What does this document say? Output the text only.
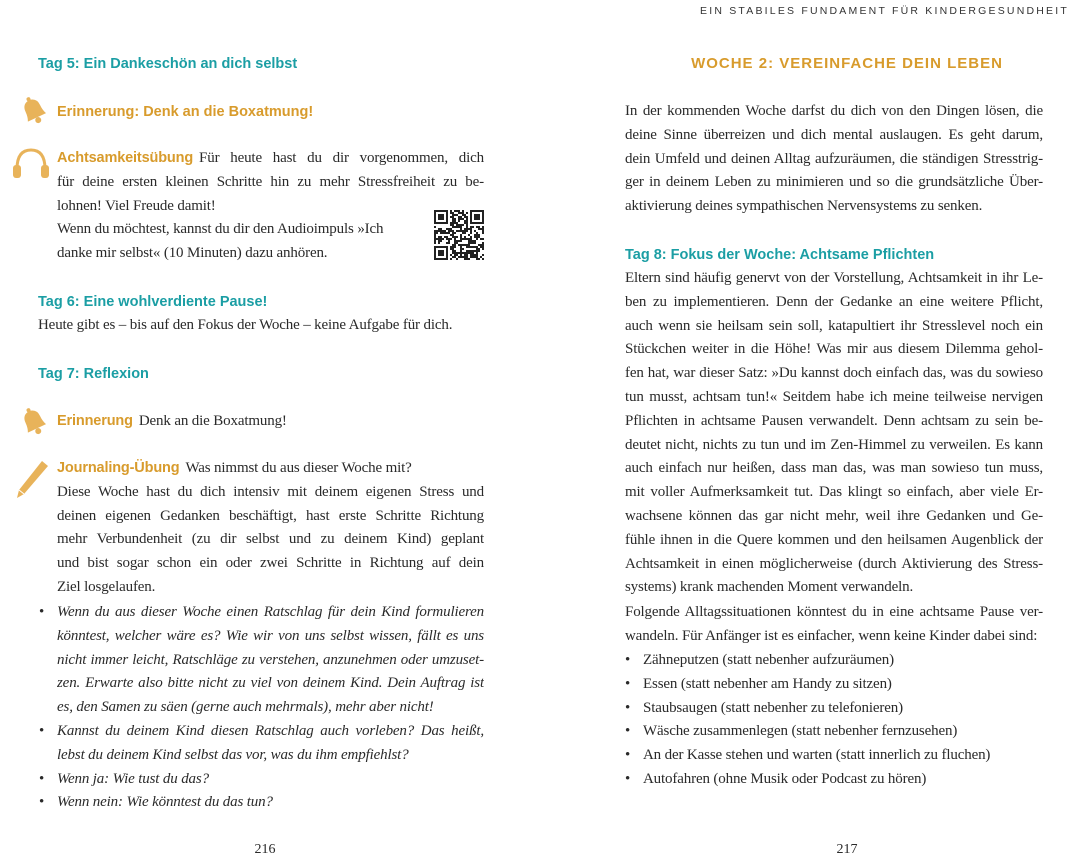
Tag 5: Ein Dankeschön an dich selbst
Erinnerung: Denk an die Boxatmung!
Achtsamkeitsübung Für heute hast du dir vorgenommen, dich
für deine ersten kleinen Schritte hin zu mehr Stressfreiheit zu be-
lohnen! Viel Freude damit!
Wenn du möchtest, kannst du dir den Audioimpuls »Ich
danke mir selbst« (10 Minuten) dazu anhören.
Tag 6: Eine wohlverdiente Pause!
Heute gibt es – bis auf den Fokus der Woche – keine Aufgabe für dich.
Tag 7: Reflexion
Erinnerung Denk an die Boxatmung!
Journaling-Übung Was nimmst du aus dieser Woche mit?
Diese Woche hast du dich intensiv mit deinem eigenen Stress und
deinen eigenen Gedanken beschäftigt, hast erste Schritte Richtung
mehr Verbundenheit (zu dir selbst und zu deinem Kind) geplant
und bist sogar schon ein oder zwei Schritte in Richtung auf dein
Ziel losgelaufen.
• Wenn du aus dieser Woche einen Ratschlag für dein Kind formulieren
könntest, welcher wäre es? Wie wir von uns selbst wissen, fällt es uns
nicht immer leicht, Ratschläge zu verstehen, anzunehmen oder umzuset-
zen. Erwarte also bitte nicht zu viel von deinem Kind. Dein Auftrag ist
es, den Samen zu säen (gerne auch mehrmals), mehr aber nicht!
• Kannst du deinem Kind diesen Ratschlag auch vorleben? Das heißt,
lebst du deinem Kind selbst das vor, was du ihm empfiehlst?
• Wenn ja: Wie tust du das?
• Wenn nein: Wie könntest du das tun?
216
EIN STABILES FUNDAMENT FÜR KINDERGESUNDHEIT
WOCHE 2: VEREINFACHE DEIN LEBEN
In der kommenden Woche darfst du dich von den Dingen lösen, die
deine Sinne überreizen und dich mental auslaugen. Es geht darum,
dein Umfeld und deinen Alltag aufzuräumen, die ständigen Stresstrig-
ger in deinem Leben zu minimieren und so die grundsätzliche Über-
aktivierung deines sympathischen Nervensystems zu senken.
Tag 8: Fokus der Woche: Achtsame Pflichten
Eltern sind häufig genervt von der Vorstellung, Achtsamkeit in ihr Le-
ben zu implementieren. Denn der Gedanke an eine weitere Pflicht,
auch wenn sie heilsam sein soll, katapultiert ihr Stresslevel noch ein
Stückchen weiter in die Höhe! Was mir aus diesem Dilemma gehol-
fen hat, war dieser Satz: »Du kannst doch einfach das, was du sowieso
tun musst, achtsam tun!« Seitdem habe ich meine teilweise nervigen
Pflichten in achtsame Pausen verwandelt. Denn achtsam zu sein be-
deutet nicht, nichts zu tun und im Zen-Himmel zu verweilen. Es kann
auch einfach nur heißen, dass man das, was man sowieso tun muss,
mit voller Aufmerksamkeit tut. Das klingt so einfach, aber viele Er-
wachsene können das gar nicht mehr, weil ihre Gedanken und Ge-
fühle ihnen in die Quere kommen und den heilsamen Augenblick der
Achtsamkeit in einen möglicherweise (durch Aktivierung des Stress-
systems) krank machenden Moment verwandeln.
Folgende Alltagssituationen könntest du in eine achtsame Pause ver-
wandeln. Für Anfänger ist es einfacher, wenn keine Kinder dabei sind:
• Zähneputzen (statt nebenher aufzuräumen)
• Essen (statt nebenher am Handy zu sitzen)
• Staubsaugen (statt nebenher zu telefonieren)
• Wäsche zusammenlegen (statt nebenher fernzusehen)
• An der Kasse stehen und warten (statt innerlich zu fluchen)
• Autofahren (ohne Musik oder Podcast zu hören)
217
